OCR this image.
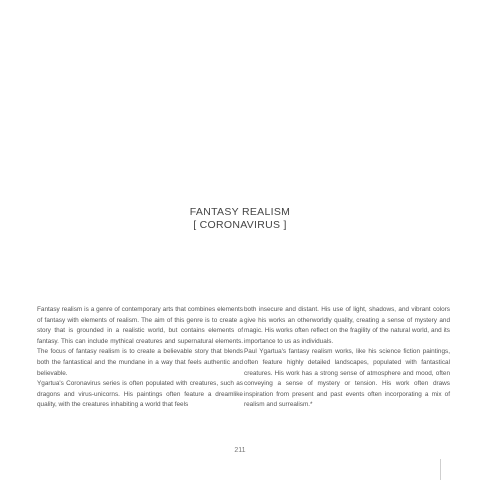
FANTASY REALISM
[ CORONAVIRUS ]

Fantasy realism is a genre of contemporary arts that combines elements of fantasy with elements of realism. The aim of this genre is to create a story that is grounded in a realistic world, but contains elements of fantasy. This can include mythical creatures and supernatural elements. The focus of fantasy realism is to create a believable story that blends both the fantastical and the mundane in a way that feels authentic and believable.

Ygartua's Coronavirus series is often populated with creatures, such as dragons and virus-unicorns. His paintings often feature a dreamlike quality, with the creatures inhabiting a world that feels

both insecure and distant. His use of light, shadows, and vibrant colors give his works an otherworldly quality, creating a sense of mystery and magic. His works often reflect on the fragility of the natural world, and its importance to us as individuals.

Paul Ygartua's fantasy realism works, like his science fiction paintings, often feature highly detailed landscapes, populated with fantastical creatures. His work has a strong sense of atmosphere and mood, often conveying a sense of mystery or tension. His work often draws inspiration from present and past events often incorporating a mix of realism and surrealism.*

211
